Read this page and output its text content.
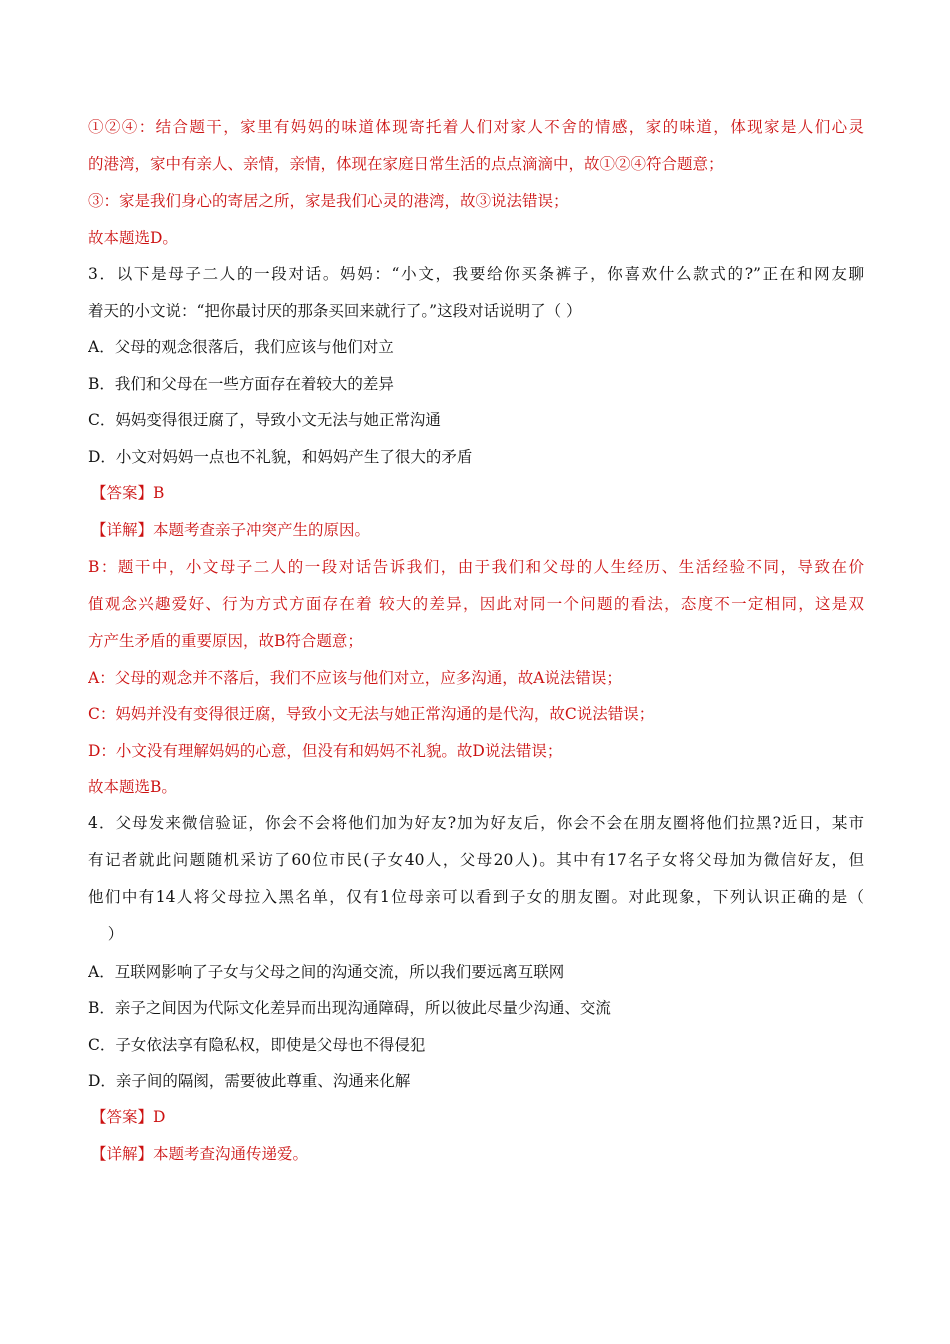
①②④：结合题干，家里有妈妈的味道体现寄托着人们对家人不舍的情感，家的味道，体现家是人们心灵
的港湾，家中有亲人、亲情，亲情，体现在家庭日常生活的点点滴滴中，故①②④符合题意；
③：家是我们身心的寄居之所，家是我们心灵的港湾，故③说法错误；
故本题选D。
3．以下是母子二人的一段对话。妈妈：“小文，我要给你买条裤子，你喜欢什么款式的?”正在和网友聊
着天的小文说：“把你最讨厌的那条买回来就行了。”这段对话说明了（ ）
A．父母的观念很落后，我们应该与他们对立
B．我们和父母在一些方面存在着较大的差异
C．妈妈变得很迂腐了，导致小文无法与她正常沟通
D．小文对妈妈一点也不礼貌，和妈妈产生了很大的矛盾
【答案】B
【详解】本题考查亲子冲突产生的原因。
B：题干中，小文母子二人的一段对话告诉我们，由于我们和父母的人生经历、生活经验不同，导致在价
值观念兴趣爱好、行为方式方面存在着 较大的差异，因此对同一个问题的看法，态度不一定相同，这是双
方产生矛盾的重要原因，故B符合题意；
A：父母的观念并不落后，我们不应该与他们对立，应多沟通，故A说法错误；
C：妈妈并没有变得很迂腐，导致小文无法与她正常沟通的是代沟，故C说法错误；
D：小文没有理解妈妈的心意，但没有和妈妈不礼貌。故D说法错误；
故本题选B。
4．父母发来微信验证，你会不会将他们加为好友?加为好友后，你会不会在朋友圈将他们拉黑?近日，某市
有记者就此问题随机采访了60位市民(子女40人，父母20人)。其中有17名子女将父母加为微信好友，但
他们中有14人将父母拉入黑名单，仅有1位母亲可以看到子女的朋友圈。对此现象，下列认识正确的是（
）
A．互联网影响了子女与父母之间的沟通交流，所以我们要远离互联网
B．亲子之间因为代际文化差异而出现沟通障碍，所以彼此尽量少沟通、交流
C．子女依法享有隐私权，即使是父母也不得侵犯
D．亲子间的隔阂，需要彼此尊重、沟通来化解
【答案】D
【详解】本题考查沟通传递爱。
